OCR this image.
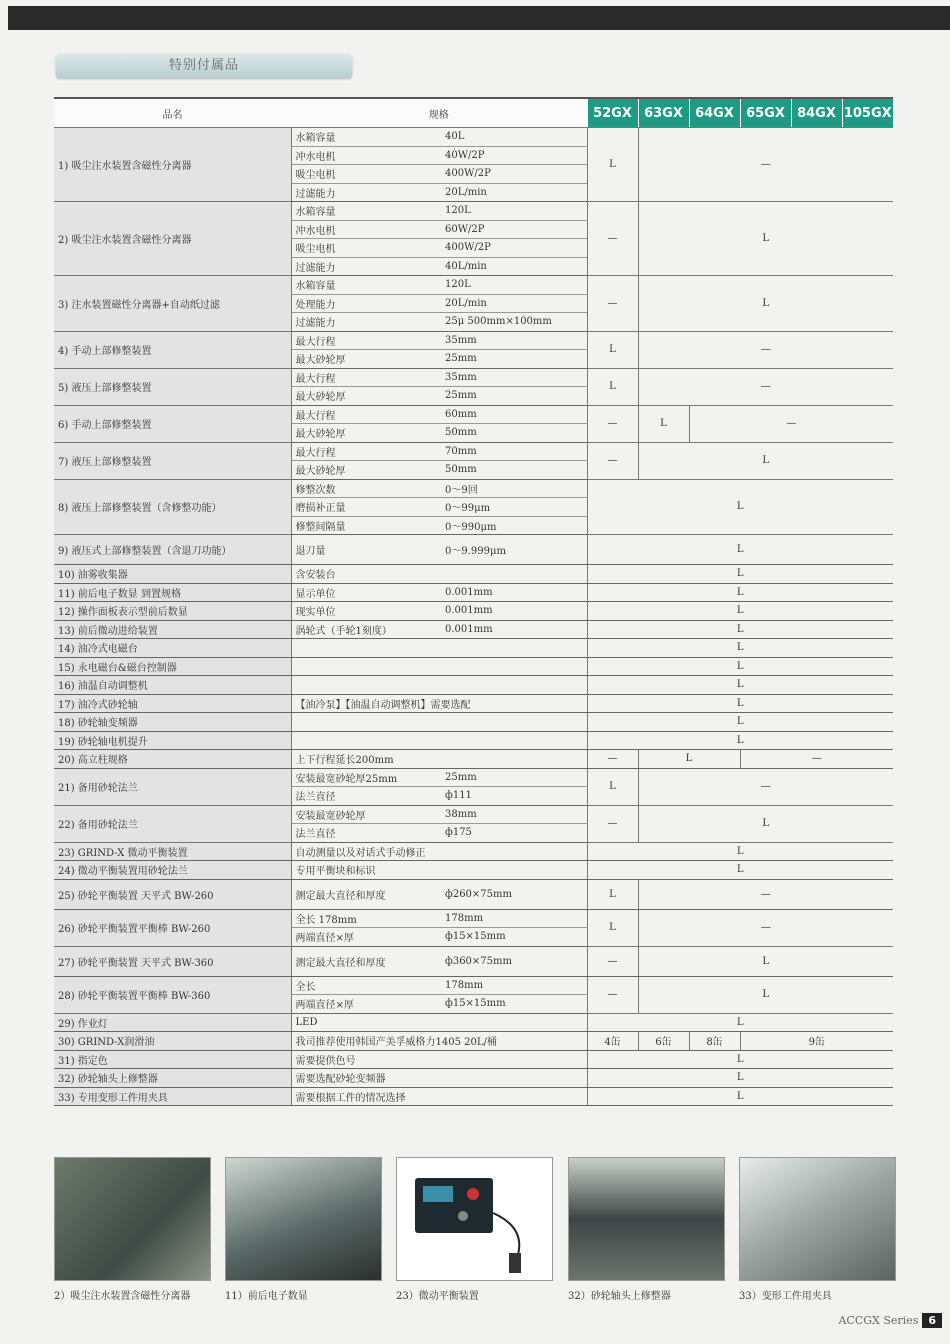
特别付属品
品名	规格		52GX	63GX	64GX	65GX	84GX	105GX
1) 吸尘注水装置含磁性分离器	水箱容量	40L	L	—				
	冲水电机	40W/2P						
	吸尘电机	400W/2P						
	过滤能力	20L/min						
2) 吸尘注水装置含磁性分离器	水箱容量	120L	—	L				
	冲水电机	60W/2P						
	吸尘电机	400W/2P						
	过滤能力	40L/min						
3) 注水装置磁性分离器+自动纸过滤	水箱容量	120L	—	L				
	处理能力	20L/min						
	过滤能力	25μ 500mm×100mm						
4) 手动上部修整装置	最大行程	35mm	L	—				
	最大砂轮厚	25mm						
5) 液压上部修整装置	最大行程	35mm	L	—				
	最大砂轮厚	25mm						
6) 手动上部修整装置	最大行程	60mm	—	L	—			
	最大砂轮厚	50mm						
7) 液压上部修整装置	最大行程	70mm	—	L				
	最大砂轮厚	50mm						
8) 液压上部修整装置（含修整功能）	修整次数	0～9回	L					
	磨损补正量	0～99μm						
	修整间隔量	0～990μm						
9) 液压式上部修整装置（含退刀功能）	退刀量	0～9.999μm	L					
10) 油雾收集器	含安装台		L					
11) 前后电子数显 到置规格	显示单位	0.001mm	L					
12) 操作面板表示型前后数显	现实单位	0.001mm	L					
13) 前后微动进给装置	涡轮式（手轮1刻度）	0.001mm	L					
14) 油冷式电磁台			L					
15) 永电磁台&磁台控制器			L					
16) 油温自动调整机			L					
17) 油冷式砂轮轴	【油冷泵】【油温自动调整机】需要选配		L					
18) 砂轮轴变频器			L					
19) 砂轮轴电机提升			L					
20) 高立柱规格	上下行程延长200mm		—	L		—		
21) 备用砂轮法兰	安装最宽砂轮厚25mm	25mm	L	—				
	法兰直径	ф111						
22) 备用砂轮法兰	安装最宽砂轮厚	38mm	—	L				
	法兰直径	ф175						
23) GRIND-X 微动平衡装置	自动测量以及对话式手动修正		L					
24) 微动平衡装置用砂轮法兰	专用平衡块和标识		L					
25) 砂轮平衡装置 天平式 BW-260	测定最大直径和厚度	ф260×75mm	L	—				
26) 砂轮平衡装置平衡棒 BW-260	全长 178mm	178mm	L	—				
	两端直径×厚	ф15×15mm						
27) 砂轮平衡装置 天平式 BW-360	测定最大直径和厚度	ф360×75mm	—	L				
28) 砂轮平衡装置平衡棒 BW-360	全长	178mm	—	L				
	两端直径×厚	ф15×15mm						
29) 作业灯	LED		L					
30) GRIND-X润滑油	我司推荐使用韩国产美孚威格力1405 20L/桶		4缶	6缶	8缶	9缶		
31) 指定色	需要提供色号		L					
32) 砂轮轴头上修整器	需要选配砂轮变频器		L					
33) 专用变形工件用夹具	需要根据工件的情况选择		L					
2）吸尘注水装置含磁性分离器	11）前后电子数显	23）微动平衡装置	32）砂轮轴头上修整器	33）变形工件用夹具
ACCGX Series 6
